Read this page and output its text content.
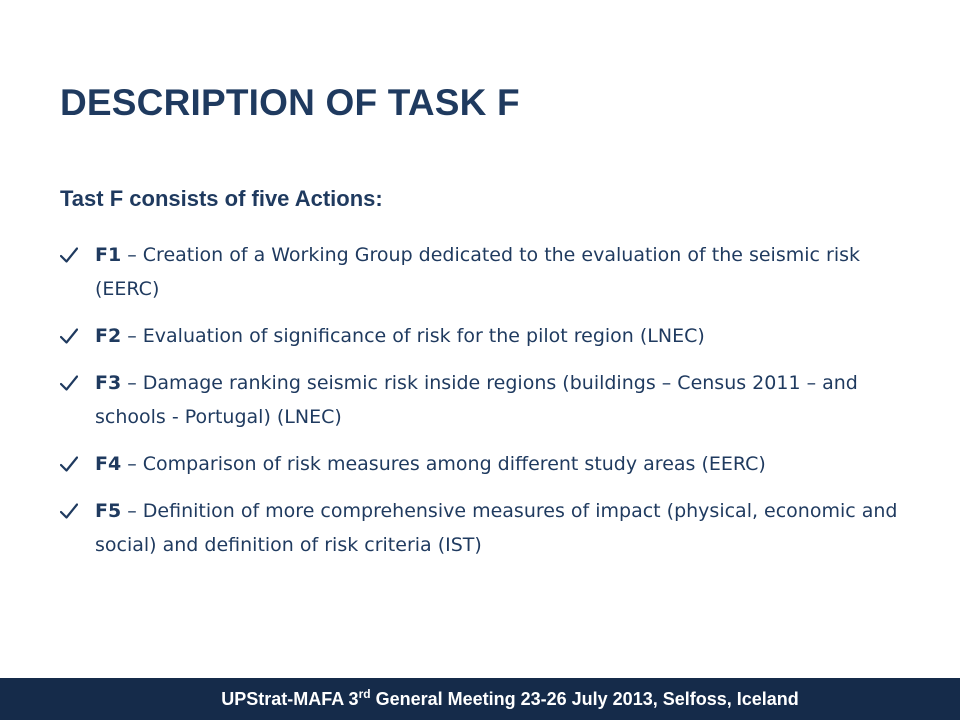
DESCRIPTION OF TASK F

Tast F consists of five Actions:

F1 – Creation of a Working Group dedicated to the evaluation of the seismic risk (EERC)
F2 – Evaluation of significance of risk for the pilot region (LNEC)
F3 – Damage ranking seismic risk inside regions (buildings – Census 2011 – and schools - Portugal) (LNEC)
F4 – Comparison of risk measures among different study areas (EERC)
F5 – Definition of more comprehensive measures of impact (physical, economic and social) and definition of risk criteria (IST)
UPStrat-MAFA 3rd General Meeting 23-26 July 2013, Selfoss, Iceland
